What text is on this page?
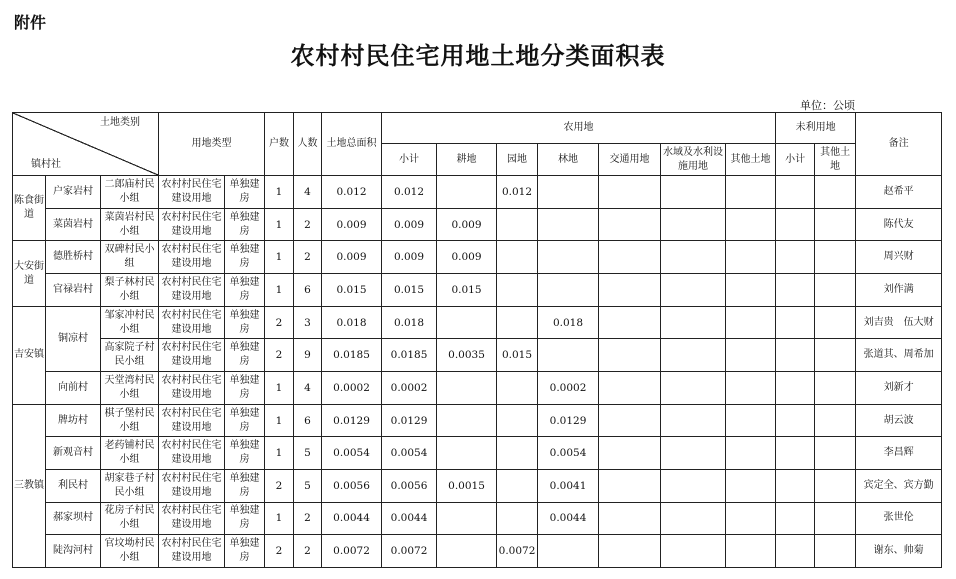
附件
农村村民住宅用地土地分类面积表
单位：公顷
土地类别
镇村社			用地类型		户数	人数	土地总面积	农用地							未利用地		备注
								小计	耕地	园地	林地	交通用地	水域及水利设施用地	其他土地	小计	其他土地	
陈食街道	户家岩村	二郎庙村民小组	农村村民住宅建设用地	单独建房	1	4	0.012	0.012		0.012							赵希平
	菜茵岩村	菜茵岩村民小组	农村村民住宅建设用地	单独建房	1	2	0.009	0.009	0.009								陈代友
大安街道	德胜桥村	双碑村民小组	农村村民住宅建设用地	单独建房	1	2	0.009	0.009	0.009								周兴财
	官禄岩村	梨子林村民小组	农村村民住宅建设用地	单独建房	1	6	0.015	0.015	0.015								刘作满
吉安镇	铜凉村	邹家冲村民小组	农村村民住宅建设用地	单独建房	2	3	0.018	0.018			0.018						刘吉贵　伍大财
		高家院子村民小组	农村村民住宅建设用地	单独建房	2	9	0.0185	0.0185	0.0035	0.015							张道其、周希加
	向前村	天堂湾村民小组	农村村民住宅建设用地	单独建房	1	4	0.0002	0.0002			0.0002						刘新才
三教镇	牌坊村	棋子堡村民小组	农村村民住宅建设用地	单独建房	1	6	0.0129	0.0129			0.0129						胡云波
	新观音村	老药铺村民小组	农村村民住宅建设用地	单独建房	1	5	0.0054	0.0054			0.0054						李昌辉
	利民村	胡家巷子村民小组	农村村民住宅建设用地	单独建房	2	5	0.0056	0.0056	0.0015		0.0041						宾定全、宾方勤
	郝家坝村	花房子村民小组	农村村民住宅建设用地	单独建房	1	2	0.0044	0.0044			0.0044						张世伦
	陡沟河村	官坟坳村民小组	农村村民住宅建设用地	单独建房	2	2	0.0072	0.0072		0.0072							谢东、帅菊
